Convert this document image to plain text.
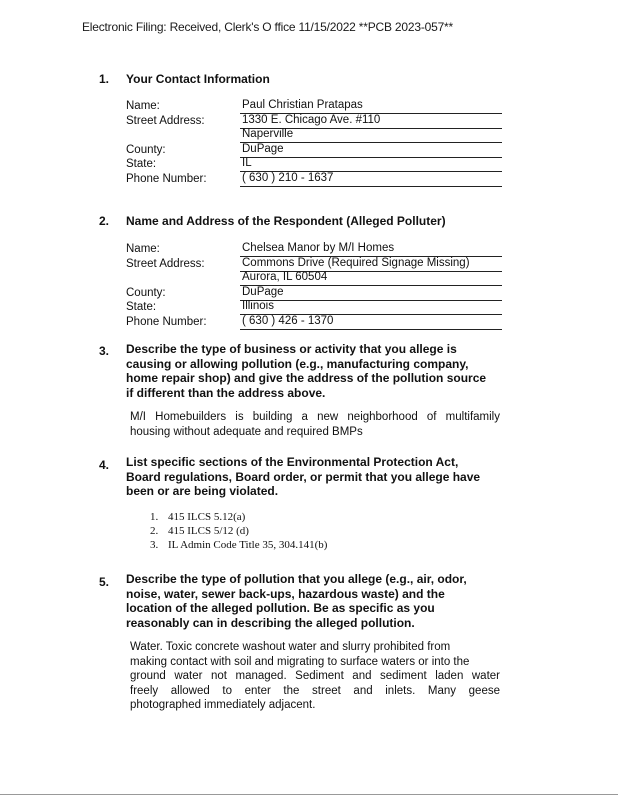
Electronic Filing: Received, Clerk's O ffice 11/15/2022 **PCB 2023-057**
1. Your Contact Information
Name:	Paul Christian Pratapas
Street Address:	1330 E. Chicago Ave. #110
Naperville
County:	DuPage
State:	IL
Phone Number:	( 630 ) 210 - 1637
2. Name and Address of the Respondent (Alleged Polluter)
Name:	Chelsea Manor by M/I Homes
Street Address:	Commons Drive (Required Signage Missing)
Aurora, IL 60504
County:	DuPage
State:	Illinois
Phone Number:	( 630 ) 426 - 1370
3. Describe the type of business or activity that you allege is
causing or allowing pollution (e.g., manufacturing company,
home repair shop) and give the address of the pollution source
if different than the address above.
M/I Homebuilders is building a new neighborhood of multifamily
housing without adequate and required BMPs
4. List specific sections of the Environmental Protection Act,
Board regulations, Board order, or permit that you allege have
been or are being violated.
1. 415 ILCS 5.12(a)
2. 415 ILCS 5/12 (d)
3. IL Admin Code Title 35, 304.141(b)
5. Describe the type of pollution that you allege (e.g., air, odor,
noise, water, sewer back-ups, hazardous waste) and the
location of the alleged pollution. Be as specific as you
reasonably can in describing the alleged pollution.
Water. Toxic concrete washout water and slurry prohibited from
making contact with soil and migrating to surface waters or into the
ground water not managed. Sediment and sediment laden water
freely allowed to enter the street and inlets. Many geese
photographed immediately adjacent.
